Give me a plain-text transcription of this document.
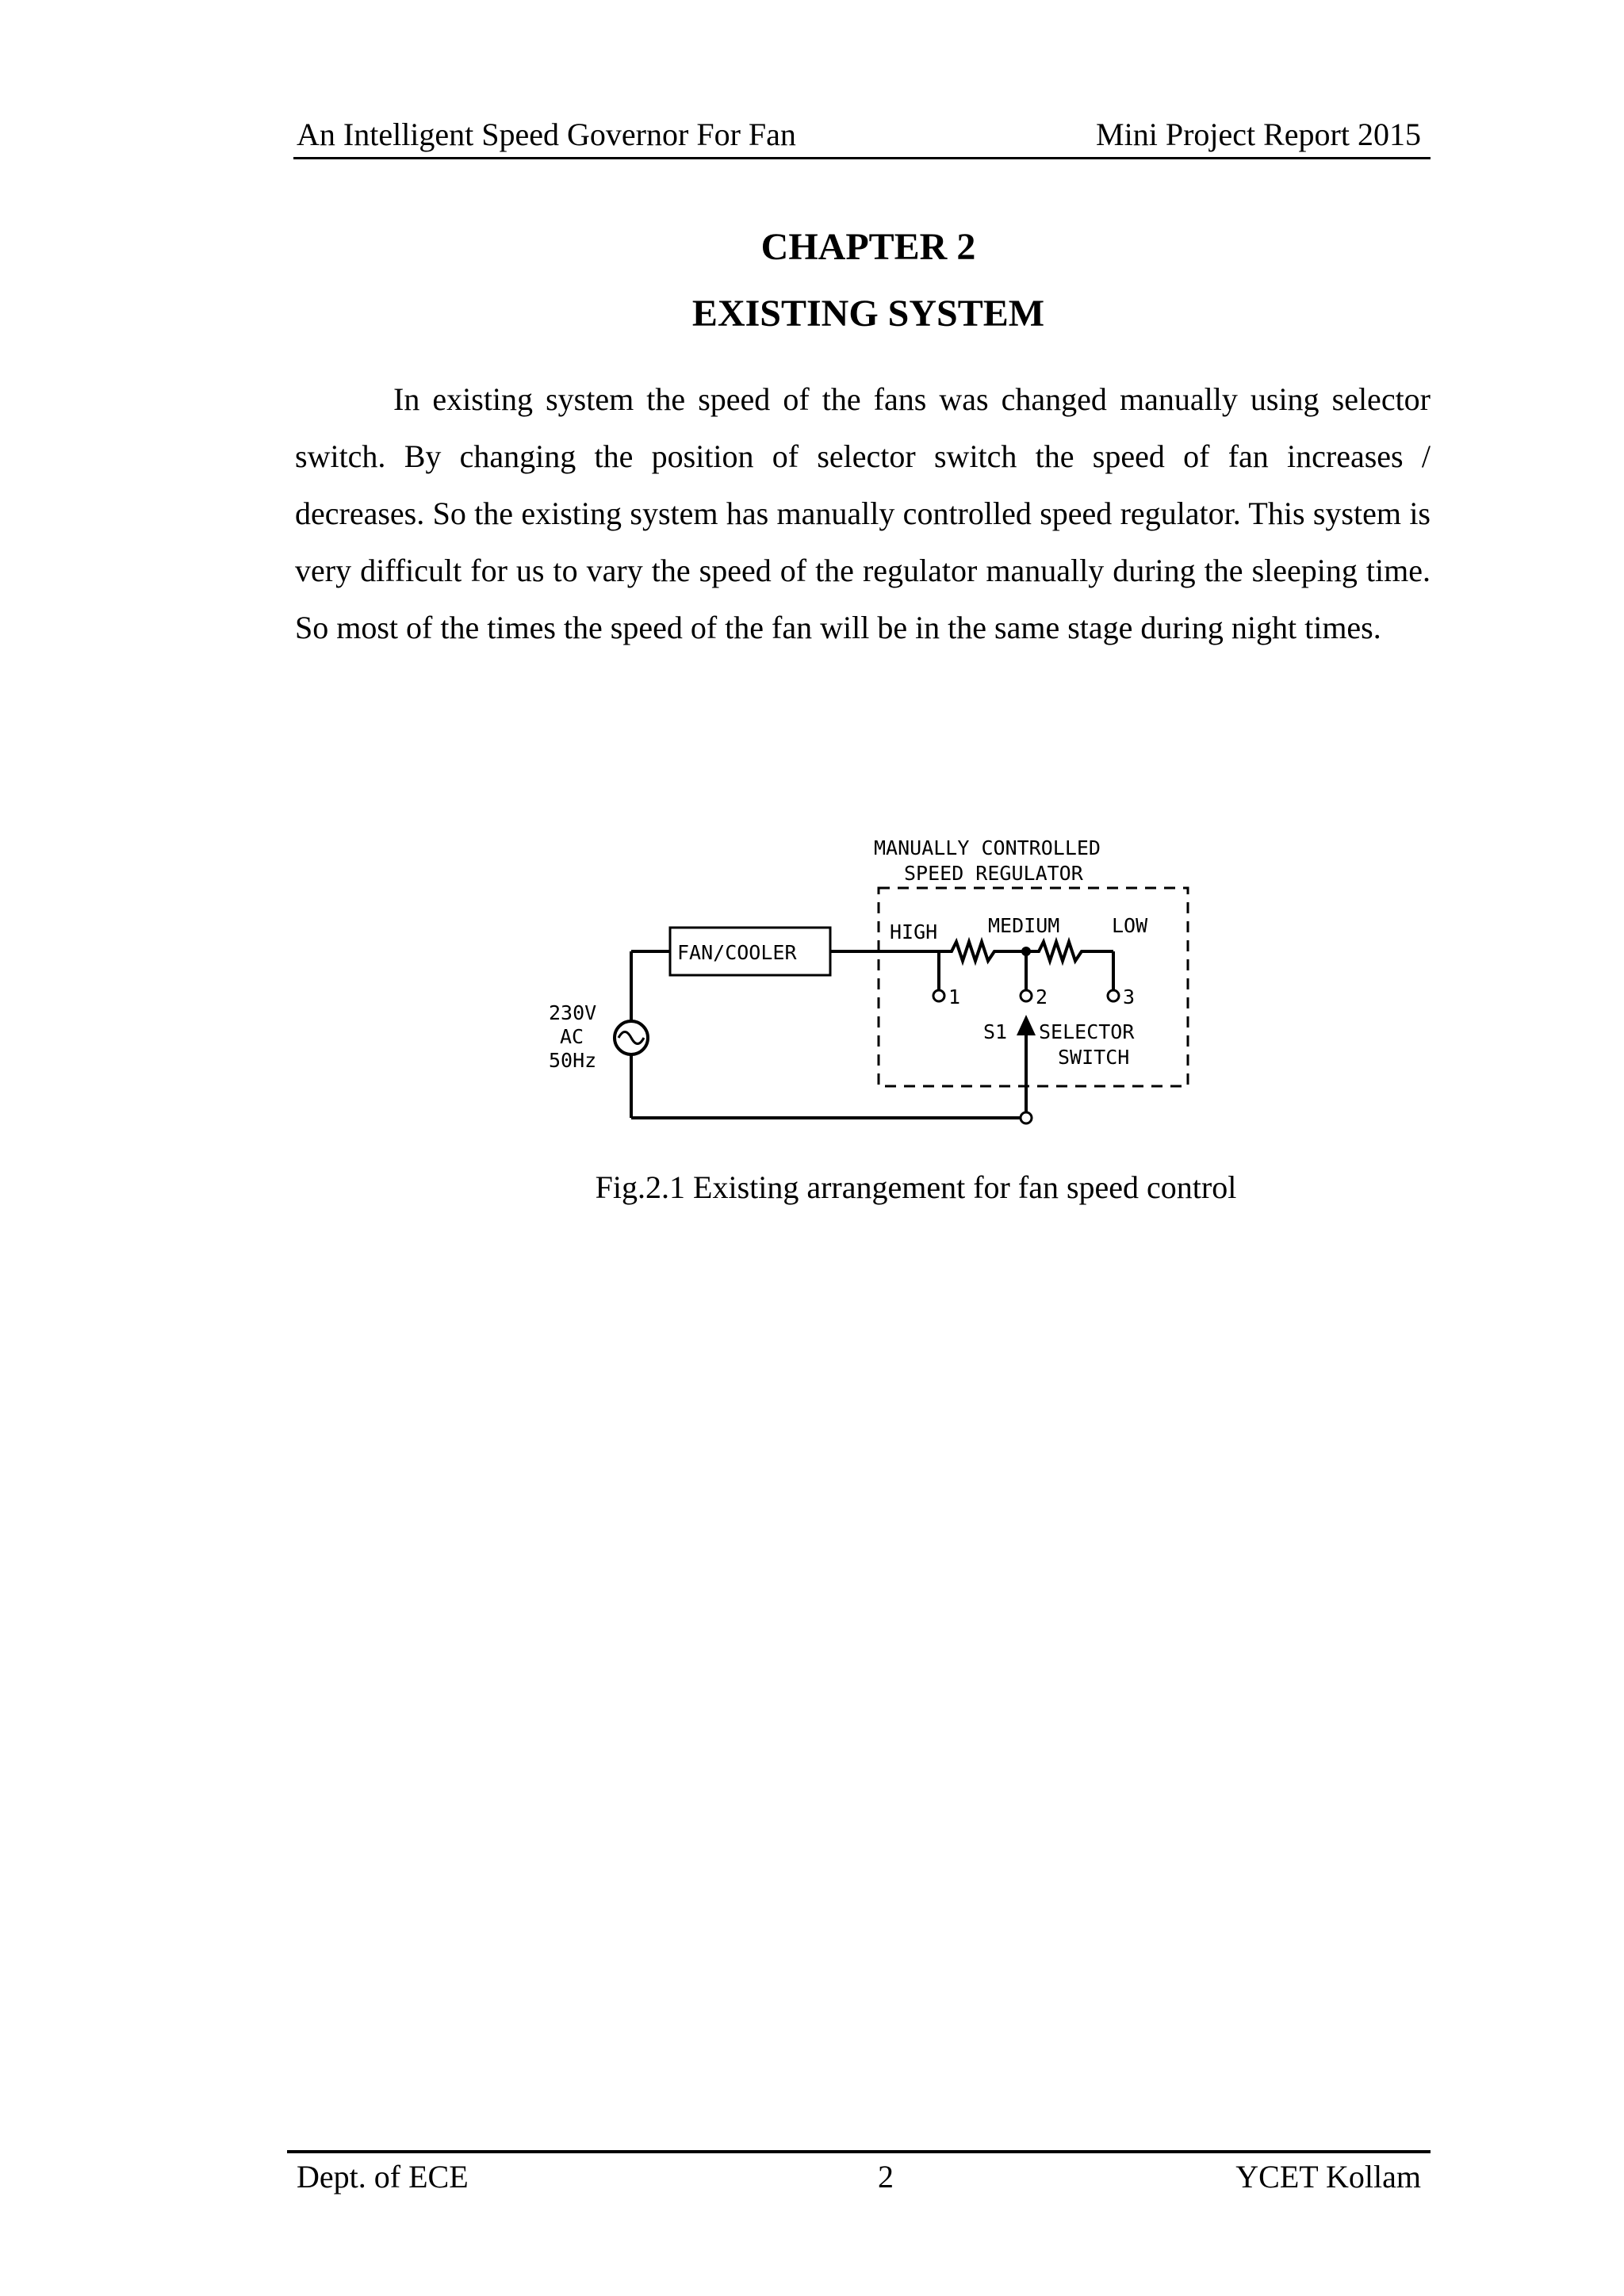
An Intelligent Speed Governor For Fan	Mini Project Report 2015
CHAPTER 2
EXISTING SYSTEM

In existing system the speed of the fans was changed manually using selector switch. By changing the position of selector switch the speed of fan increases / decreases. So the existing system has manually controlled speed regulator. This system is very difficult for us to vary the speed of the regulator manually during the sleeping time. So most of the times the speed of the fan will be in the same stage during night times.

MANUALLY CONTROLLED
SPEED REGULATOR
FAN/COOLER
HIGH	MEDIUM	LOW
1	2	3
S1 SELECTOR
SWITCH
230V
AC
50Hz
Fig.2.1 Existing arrangement for fan speed control
Dept. of ECE	2	YCET Kollam
